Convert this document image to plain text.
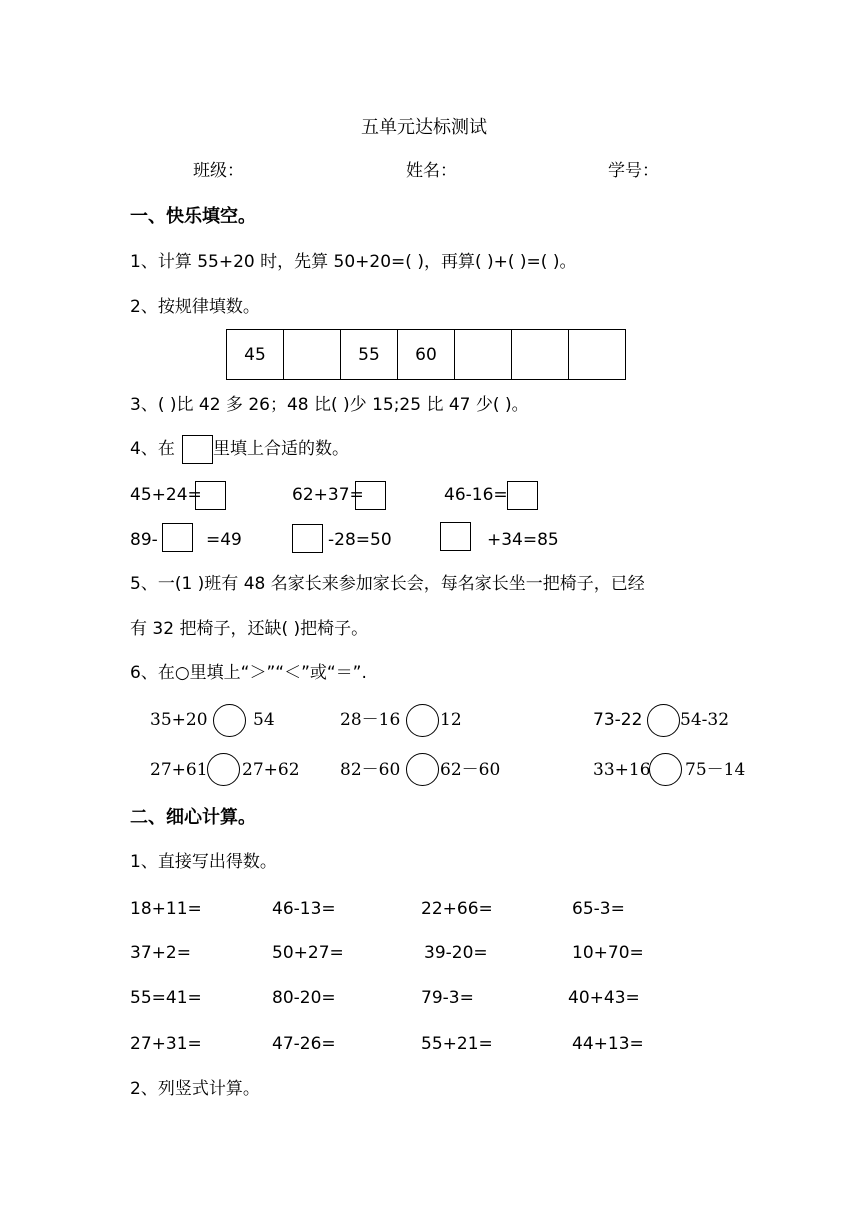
五单元达标测试
班级：	姓名：	学号：
一、快乐填空。
1、计算 55+20 时，先算 50+20=( )，再算( )+( )=( )。
2、按规律填数。
45		55	60			
3、( )比 42 多 26；48 比( )少 15;25 比 47 少( )。
4、在 里填上合适的数。
45+24=	62+37=	46-16=
89-	=49	-28=50	+34=85
5、一(1 )班有 48 名家长来参加家长会，每名家长坐一把椅子，已经
有 32 把椅子，还缺( )把椅子。
6、在○里填上“＞”“＜”或“＝”.
35+20	54	28－16 12	73-22 54-32
27+61 27+62 82－60 62－60	33+16 75－14
二、细心计算。
1、直接写出得数。
18+11=	46-13=	22+66=	65-3=
37+2=	50+27=	39-20=	10+70=
55=41=	80-20=	79-3=	40+43=
27+31=	47-26=	55+21=	44+13=
2、列竖式计算。
